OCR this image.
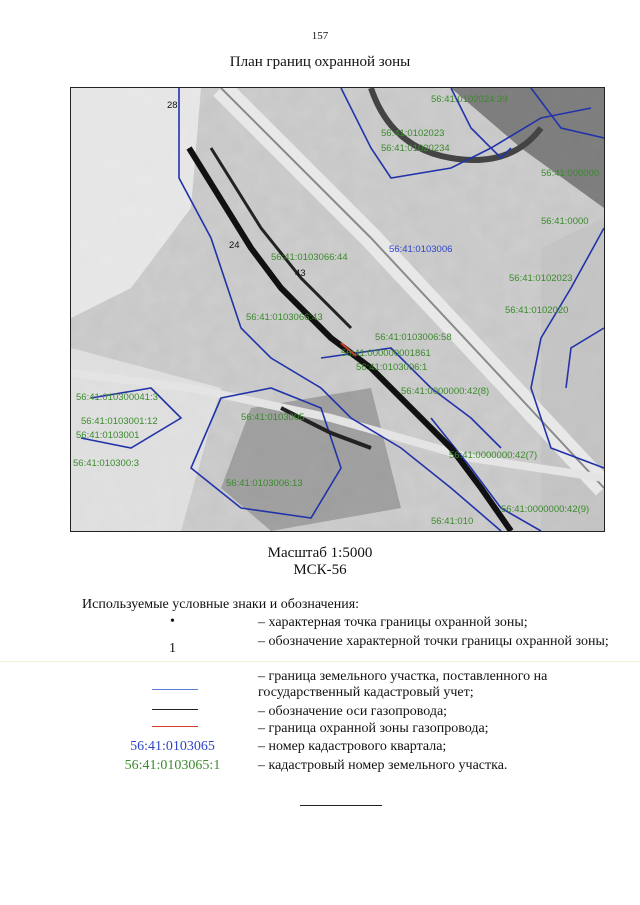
157
План границ охранной зоны
56:41:0103006
56:41:0102024:39
56:41:0102023
56:41:01020234
56:41:000000
56:41:0000
56:41:0102023
56:41:0102020
56:41:000000001861
56:41:0103006:58
56:41:0103006:1
56:41:0000000:42(8)
56:41:0000000:42(7)
56:41:0103066:44
56:41:0103066:43
56:41:010300041:3
56:41:0103005
56:41:0103006:13
56:41:0103001
56:41:0103001:12
56:41:010300:3
56:41:0000000:42(9)
56:41:010
43
24
28
Масштаб 1:5000
МСК-56
Используемые условные знаки и обозначения:
•	– характерная точка границы охранной зоны;
1	– обозначение характерной точки границы охранной зоны;
– граница земельного участка, поставленного на государственный кадастровый учет;
– обозначение оси газопровода;
– граница охранной зоны газопровода;
56:41:0103065	– номер кадастрового квартала;
56:41:0103065:1	– кадастровый номер земельного участка.
